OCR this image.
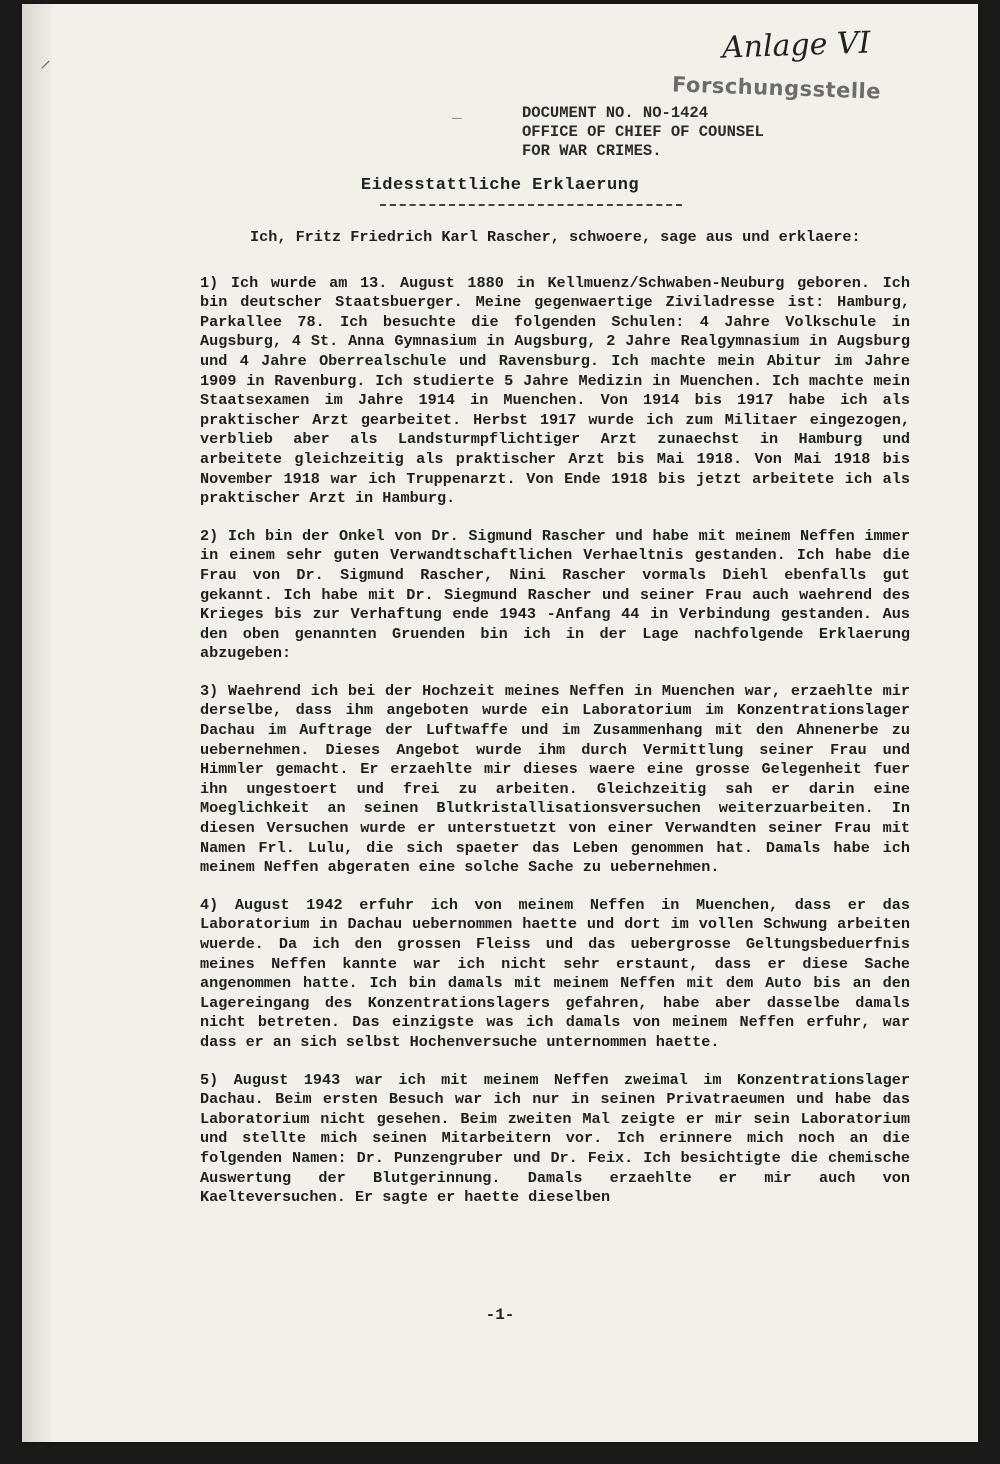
⸝	Anlage VI
Forschungsstelle
_	DOCUMENT NO. NO-1424
OFFICE OF CHIEF OF COUNSEL
FOR WAR CRIMES.
Eidesstattliche Erklaerung

Ich, Fritz Friedrich Karl Rascher, schwoere, sage aus und erklaere:

1) Ich wurde am 13. August 1880 in Kellmuenz/Schwaben-Neuburg geboren. Ich bin deutscher Staatsbuerger. Meine gegenwaertige Ziviladresse ist: Hamburg, Parkallee 78. Ich besuchte die folgenden Schulen: 4 Jahre Volkschule in Augsburg, 4 St. Anna Gymnasium in Augsburg, 2 Jahre Realgymnasium in Augsburg und 4 Jahre Oberrealschule und Ravensburg. Ich machte mein Abitur im Jahre 1909 in Ravenburg. Ich studierte 5 Jahre Medizin in Muenchen. Ich machte mein Staatsexamen im Jahre 1914 in Muenchen. Von 1914 bis 1917 habe ich als praktischer Arzt gearbeitet. Herbst 1917 wurde ich zum Militaer eingezogen, verblieb aber als Landsturmpflichtiger Arzt zunaechst in Hamburg und arbeitete gleichzeitig als praktischer Arzt bis Mai 1918. Von Mai 1918 bis November 1918 war ich Truppenarzt. Von Ende 1918 bis jetzt arbeitete ich als praktischer Arzt in Hamburg.

2) Ich bin der Onkel von Dr. Sigmund Rascher und habe mit meinem Neffen immer in einem sehr guten Verwandtschaftlichen Verhaeltnis gestanden. Ich habe die Frau von Dr. Sigmund Rascher, Nini Rascher vormals Diehl ebenfalls gut gekannt. Ich habe mit Dr. Siegmund Rascher und seiner Frau auch waehrend des Krieges bis zur Verhaftung ende 1943 -Anfang 44 in Verbindung gestanden. Aus den oben genannten Gruenden bin ich in der Lage nachfolgende Erklaerung abzugeben:

3) Waehrend ich bei der Hochzeit meines Neffen in Muenchen war, erzaehlte mir derselbe, dass ihm angeboten wurde ein Laboratorium im Konzentrationslager Dachau im Auftrage der Luftwaffe und im Zusammenhang mit den Ahnenerbe zu uebernehmen. Dieses Angebot wurde ihm durch Vermittlung seiner Frau und Himmler gemacht. Er erzaehlte mir dieses waere eine grosse Gelegenheit fuer ihn ungestoert und frei zu arbeiten. Gleichzeitig sah er darin eine Moeglichkeit an seinen Blutkristallisationsversuchen weiterzuarbeiten. In diesen Versuchen wurde er unterstuetzt von einer Verwandten seiner Frau mit Namen Frl. Lulu, die sich spaeter das Leben genommen hat. Damals habe ich meinem Neffen abgeraten eine solche Sache zu uebernehmen.

4) August 1942 erfuhr ich von meinem Neffen in Muenchen, dass er das Laboratorium in Dachau uebernommen haette und dort im vollen Schwung arbeiten wuerde. Da ich den grossen Fleiss und das uebergrosse Geltungsbeduerfnis meines Neffen kannte war ich nicht sehr erstaunt, dass er diese Sache angenommen hatte. Ich bin damals mit meinem Neffen mit dem Auto bis an den Lagereingang des Konzentrationslagers gefahren, habe aber dasselbe damals nicht betreten. Das einzigste was ich damals von meinem Neffen erfuhr, war dass er an sich selbst Hochenversuche unternommen haette.

5) August 1943 war ich mit meinem Neffen zweimal im Konzentrationslager Dachau. Beim ersten Besuch war ich nur in seinen Privatraeumen und habe das Laboratorium nicht gesehen. Beim zweiten Mal zeigte er mir sein Laboratorium und stellte mich seinen Mitarbeitern vor. Ich erinnere mich noch an die folgenden Namen: Dr. Punzengruber und Dr. Feix. Ich besichtigte die chemische Auswertung der Blutgerinnung. Damals erzaehlte er mir auch von Kaelteversuchen. Er sagte er haette dieselben

-1-
